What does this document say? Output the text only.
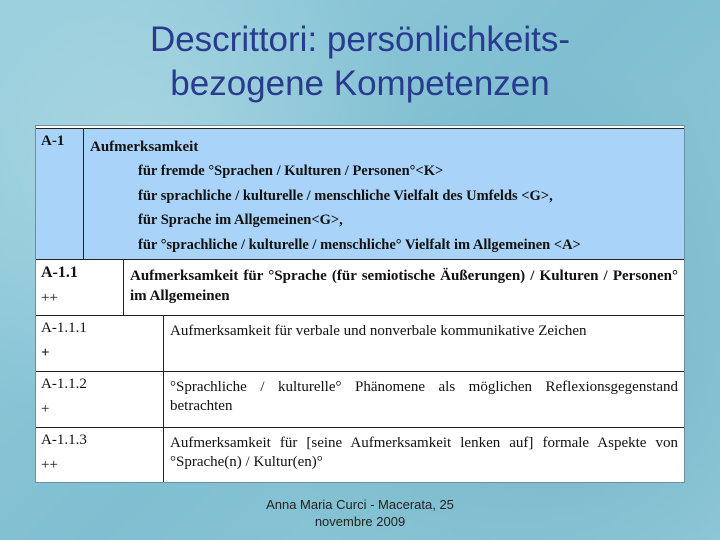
Descrittori: persönlichkeits-
bezogene Kompetenzen
A-1	Aufmerksamkeit
für fremde °Sprachen / Kulturen / Personen°<K>
für sprachliche / kulturelle / menschliche Vielfalt des Umfelds <G>,
für Sprache im Allgemeinen<G>,
für °sprachliche / kulturelle / menschliche° Vielfalt im Allgemeinen <A>
A-1.1
++
Aufmerksamkeit für °Sprache (für semiotische Äußerungen) / Kulturen / Personen° im Allgemeinen
A-1.1.1
+
Aufmerksamkeit für verbale und nonverbale kommunikative Zeichen
A-1.1.2
+
°Sprachliche / kulturelle° Phänomene als möglichen Reflexionsgegenstand betrachten
A-1.1.3
++
Aufmerksamkeit für [seine Aufmerksamkeit lenken auf] formale Aspekte von °Sprache(n) / Kultur(en)°
Anna Maria Curci - Macerata, 25
novembre 2009
